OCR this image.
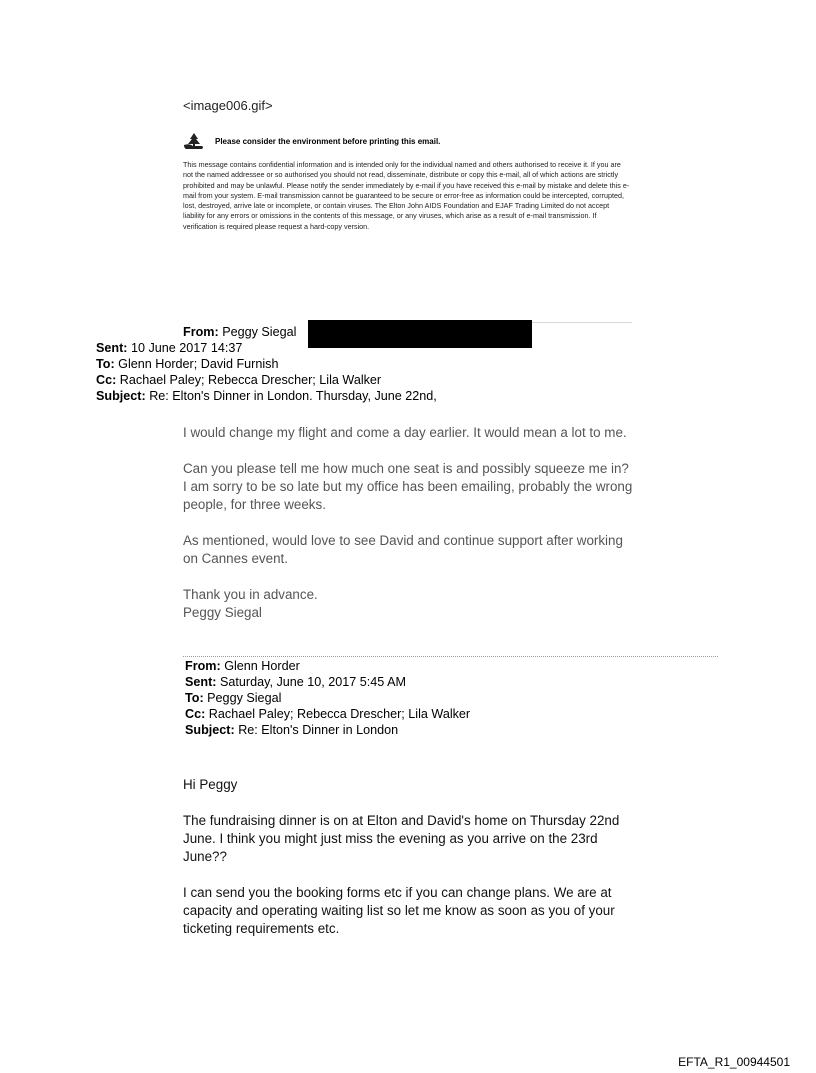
<image006.gif>
Please consider the environment before printing this email.
This message contains confidential information and is intended only for the individual named and others authorised to receive it. If you are not the named addressee or so authorised you should not read, disseminate, distribute or copy this e-mail, all of which actions are strictly prohibited and may be unlawful. Please notify the sender immediately by e-mail if you have received this e-mail by mistake and delete this e-mail from your system. E-mail transmission cannot be guaranteed to be secure or error-free as information could be intercepted, corrupted, lost, destroyed, arrive late or incomplete, or contain viruses. The Elton John AIDS Foundation and EJAF Trading Limited do not accept liability for any errors or omissions in the contents of this message, or any viruses, which arise as a result of e-mail transmission. If verification is required please request a hard-copy version.
From: Peggy Siegal
Sent: 10 June 2017 14:37
To: Glenn Horder; David Furnish
Cc: Rachael Paley; Rebecca Drescher; Lila Walker
Subject: Re: Elton's Dinner in London. Thursday, June 22nd,

I would change my flight and come a day earlier. It would mean a lot to me.

Can you please tell me how much one seat is and possibly squeeze me in?  I am sorry to be so late but my office has been emailing, probably the wrong people, for three weeks.

As mentioned, would love to see David and continue support after working on Cannes event.

Thank you in advance.
Peggy Siegal
From: Glenn Horder
Sent: Saturday, June 10, 2017 5:45 AM
To: Peggy Siegal
Cc: Rachael Paley; Rebecca Drescher; Lila Walker
Subject: Re: Elton's Dinner in London

Hi Peggy

The fundraising dinner is on at Elton and David's home on Thursday 22nd June. I think you might just miss the evening as you arrive on the 23rd June??

I can send you the booking forms etc if you can change plans. We are at capacity and operating waiting list so let me know as soon as you of your ticketing requirements etc.

EFTA_R1_00944501
